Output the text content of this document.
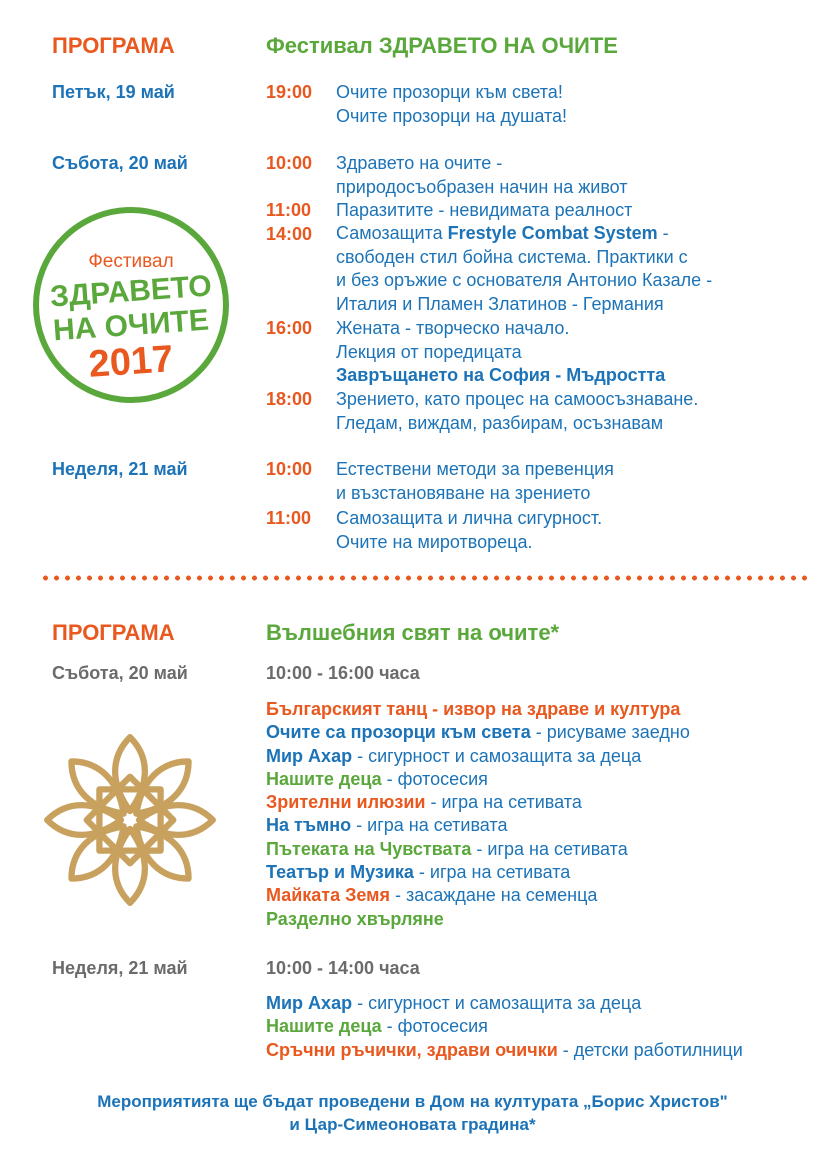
ПРОГРАМА	Фестивал ЗДРАВЕТО НА ОЧИТЕ
Петък, 19 май	19:00 Очите прозорци към света!
Очите прозорци на душата!
Събота, 20 май	10:00 Здравето на очите -
природосъобразен начин на живот
11:00 Паразитите - невидимата реалност
14:00 Самозащита Frestyle Combat System -
свободен стил бойна система. Практики с
и без оръжие с основателя Антонио Казале -
Италия и Пламен Златинов - Германия
16:00 Жената - творческо начало.
Лекция от поредицата
Завръщането на София - Мъдростта
18:00 Зрението, като процес на самоосъзнаване.
Гледам, виждам, разбирам, осъзнавам
Неделя, 21 май	10:00 Естествени методи за превенция
и възстановяване на зрението
11:00 Самозащита и лична сигурност.
Очите на миротвореца.
Фестивал
ЗДРАВЕТО
НА ОЧИТЕ
2017
ПРОГРАМА	Вълшебния свят на очите*
Събота, 20 май	10:00 - 16:00 часа
Българският танц - извор на здраве и култура
Очите са прозорци към света - рисуваме заедно
Мир Ахар - сигурност и самозащита за деца
Нашите деца - фотосесия
Зрителни илюзии - игра на сетивата
На тъмно - игра на сетивата
Пътеката на Чувствата - игра на сетивата
Театър и Музика - игра на сетивата
Майката Земя - засаждане на семенца
Разделно хвърляне
Неделя, 21 май	10:00 - 14:00 часа
Мир Ахар - сигурност и самозащита за деца
Нашите деца - фотосесия
Сръчни ръчички, здрави очички - детски работилници
Мероприятията ще бъдат проведени в Дом на културата „Борис Христов"
и Цар-Симеоновата градина*
